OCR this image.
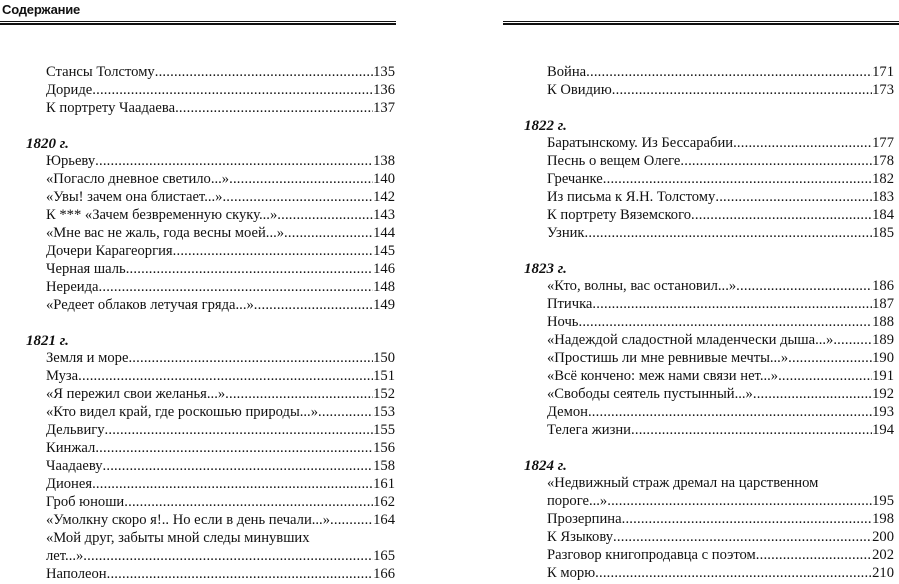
Содержание
Стансы Толстому .....	135
Дориде .....	136
К портрету Чаадаева .....	137
1820 г.
Юрьеву .....	138
«Погасло дневное светило...» .....	140
«Увы! зачем она блистает...» .....	142
К *** «Зачем безвременную скуку...» .....	143
«Мне вас не жаль, года весны моей...» .....	144
Дочери Карагеоргия .....	145
Черная шаль .....	146
Нереида .....	148
«Редеет облаков летучая гряда...» .....	149
1821 г.
Земля и море .....	150
Муза .....	151
«Я пережил свои желанья...» .....	152
«Кто видел край, где роскошью природы...» .....	153
Дельвигу .....	155
Кинжал .....	156
Чаадаеву .....	158
Дионея .....	161
Гроб юноши .....	162
«Умолкну скоро я!.. Но если в день печали...» .....	164
«Мой друг, забыты мной следы минувших
лет...» .....	165
Наполеон .....	166
Война .....	171
К Овидию .....	173
1822 г.
Баратынскому. Из Бессарабии .....	177
Песнь о вещем Олеге .....	178
Гречанке .....	182
Из письма к Я.Н. Толстому .....	183
К портрету Вяземского .....	184
Узник .....	185
1823 г.
«Кто, волны, вас остановил...» .....	186
Птичка .....	187
Ночь .....	188
«Надеждой сладостной младенчески дыша...» .....	189
«Простишь ли мне ревнивые мечты...» .....	190
«Всё кончено: меж нами связи нет...» .....	191
«Свободы сеятель пустынный...» .....	192
Демон .....	193
Телега жизни .....	194
1824 г.
«Недвижный страж дремал на царственном
пороге...» .....	195
Прозерпина .....	198
К Языкову .....	200
Разговор книгопродавца с поэтом .....	202
К морю .....	210
